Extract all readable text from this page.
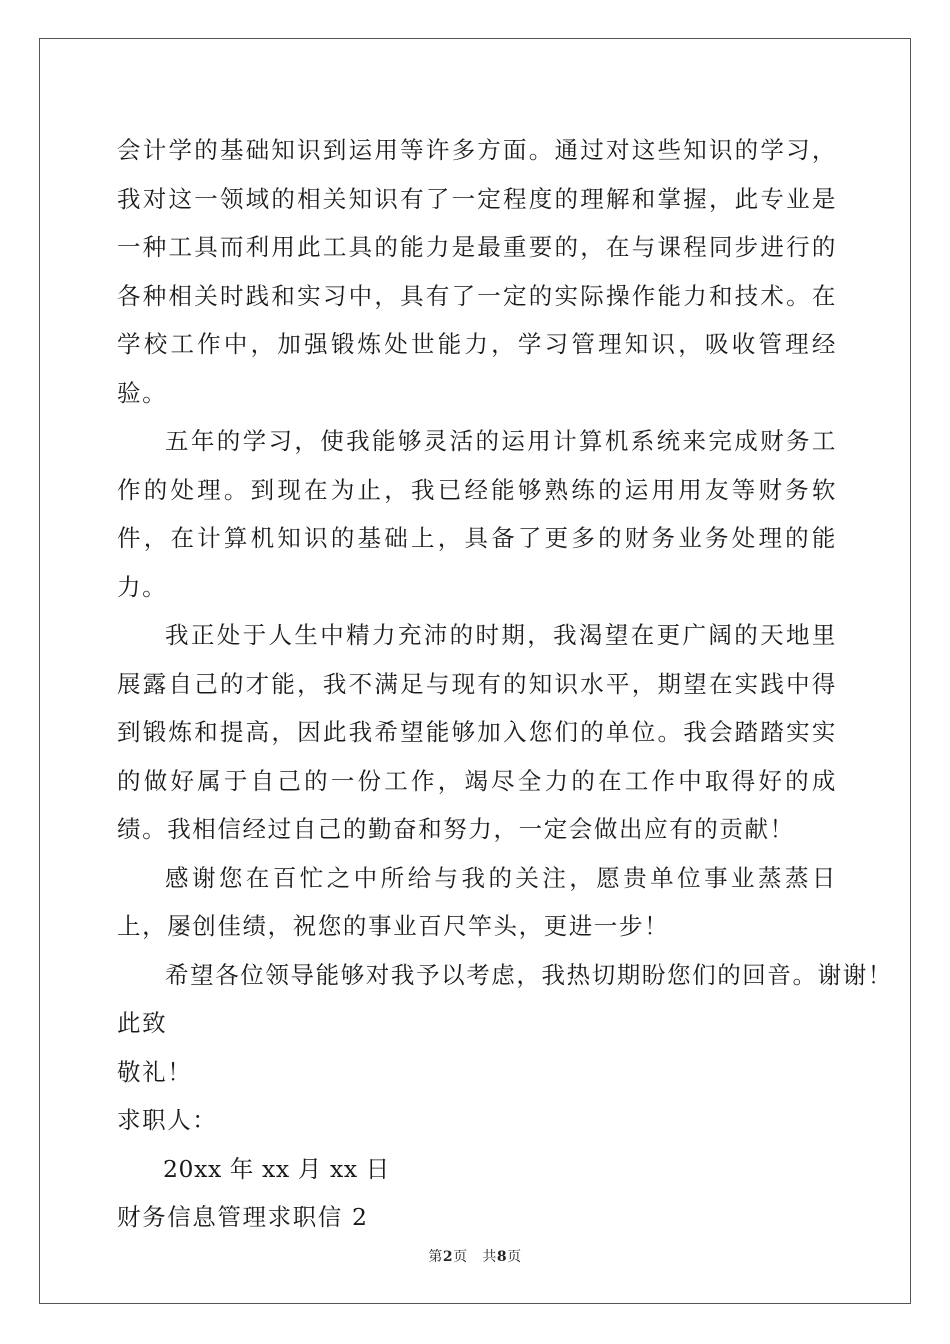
会计学的基础知识到运用等许多方面。通过对这些知识的学习，我对这一领域的相关知识有了一定程度的理解和掌握，此专业是一种工具而利用此工具的能力是最重要的，在与课程同步进行的各种相关时践和实习中，具有了一定的实际操作能力和技术。在学校工作中，加强锻炼处世能力，学习管理知识，吸收管理经验。

五年的学习，使我能够灵活的运用计算机系统来完成财务工作的处理。到现在为止，我已经能够熟练的运用用友等财务软件，在计算机知识的基础上，具备了更多的财务业务处理的能力。

我正处于人生中精力充沛的时期，我渴望在更广阔的天地里展露自己的才能，我不满足与现有的知识水平，期望在实践中得到锻炼和提高，因此我希望能够加入您们的单位。我会踏踏实实的做好属于自己的一份工作，竭尽全力的在工作中取得好的成绩。我相信经过自己的勤奋和努力，一定会做出应有的贡献！

感谢您在百忙之中所给与我的关注，愿贵单位事业蒸蒸日上，屡创佳绩，祝您的事业百尺竿头，更进一步！

希望各位领导能够对我予以考虑，我热切期盼您们的回音。谢谢！

此致

敬礼！

求职人：

20xx 年 xx 月 xx 日

财务信息管理求职信 2

第2页 共8页
